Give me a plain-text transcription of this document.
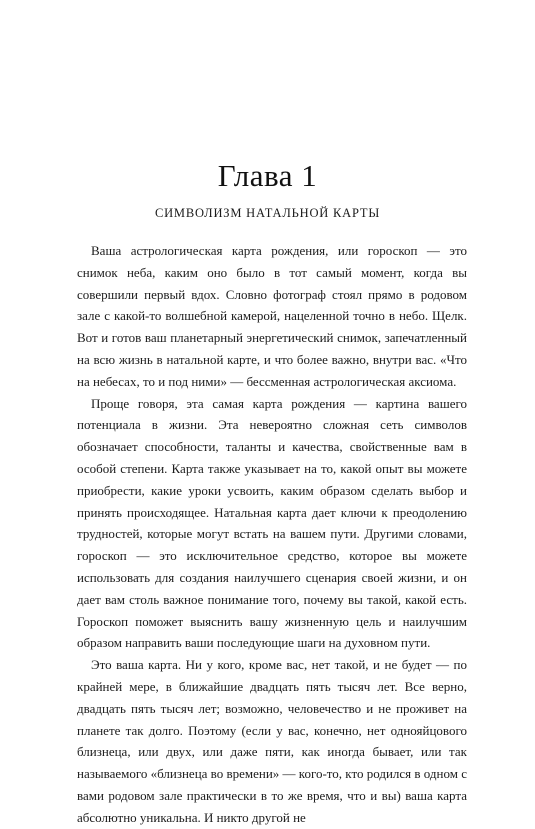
Глава 1
СИМВОЛИЗМ НАТАЛЬНОЙ КАРТЫ

Ваша астрологическая карта рождения, или гороскоп — это снимок неба, каким оно было в тот самый момент, когда вы совершили первый вдох. Словно фотограф стоял прямо в родовом зале с какой-то волшебной камерой, нацеленной точно в небо. Щелк. Вот и готов ваш планетарный энергетический снимок, запечатленный на всю жизнь в натальной карте, и что более важно, внутри вас. «Что на небесах, то и под ними» — бессменная астрологическая аксиома.

Проще говоря, эта самая карта рождения — картина вашего потенциала в жизни. Эта невероятно сложная сеть символов обозначает способности, таланты и качества, свойственные вам в особой степени. Карта также указывает на то, какой опыт вы можете приобрести, какие уроки усвоить, каким образом сделать выбор и принять происходящее. Натальная карта дает ключи к преодолению трудностей, которые могут встать на вашем пути. Другими словами, гороскоп — это исключительное средство, которое вы можете использовать для создания наилучшего сценария своей жизни, и он дает вам столь важное понимание того, почему вы такой, какой есть. Гороскоп поможет выяснить вашу жизненную цель и наилучшим образом направить ваши последующие шаги на духовном пути.

Это ваша карта. Ни у кого, кроме вас, нет такой, и не будет — по крайней мере, в ближайшие двадцать пять тысяч лет. Все верно, двадцать пять тысяч лет; возможно, человечество и не проживет на планете так долго. Поэтому (если у вас, конечно, нет однояйцового близнеца, или двух, или даже пяти, как иногда бывает, или так называемого «близнеца во времени» — кого-то, кто родился в одном с вами родовом зале практически в то же время, что и вы) ваша карта абсолютно уникальна. И никто другой не
